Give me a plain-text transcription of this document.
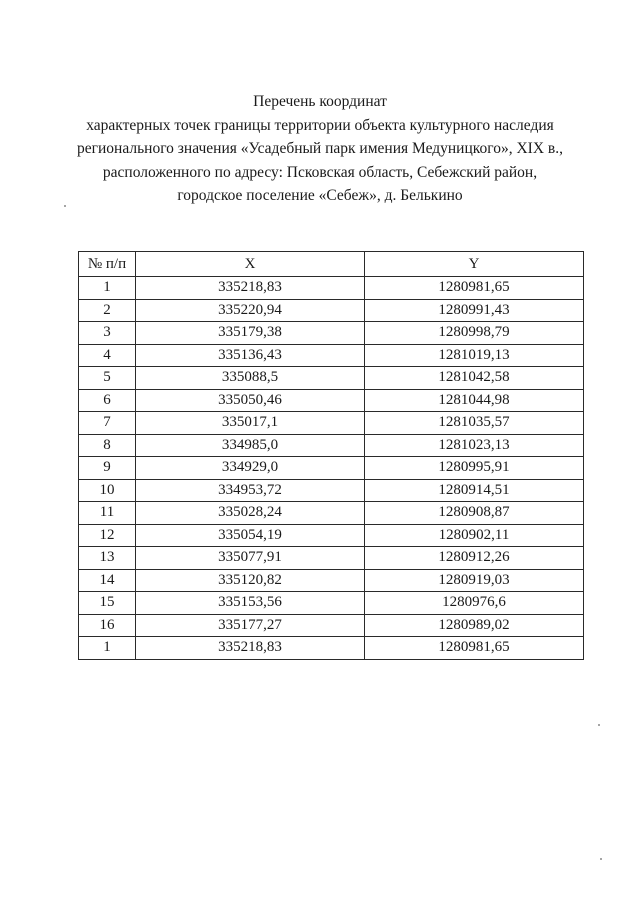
Перечень координат
характерных точек границы территории объекта культурного наследия
регионального значения «Усадебный парк имения Медуницкого», XIX в.,
расположенного по адресу: Псковская область, Себежский район,
городское поселение «Себеж», д. Белькино
№ п/п	X	Y
1	335218,83	1280981,65
2	335220,94	1280991,43
3	335179,38	1280998,79
4	335136,43	1281019,13
5	335088,5	1281042,58
6	335050,46	1281044,98
7	335017,1	1281035,57
8	334985,0	1281023,13
9	334929,0	1280995,91
10	334953,72	1280914,51
11	335028,24	1280908,87
12	335054,19	1280902,11
13	335077,91	1280912,26
14	335120,82	1280919,03
15	335153,56	1280976,6
16	335177,27	1280989,02
1	335218,83	1280981,65
